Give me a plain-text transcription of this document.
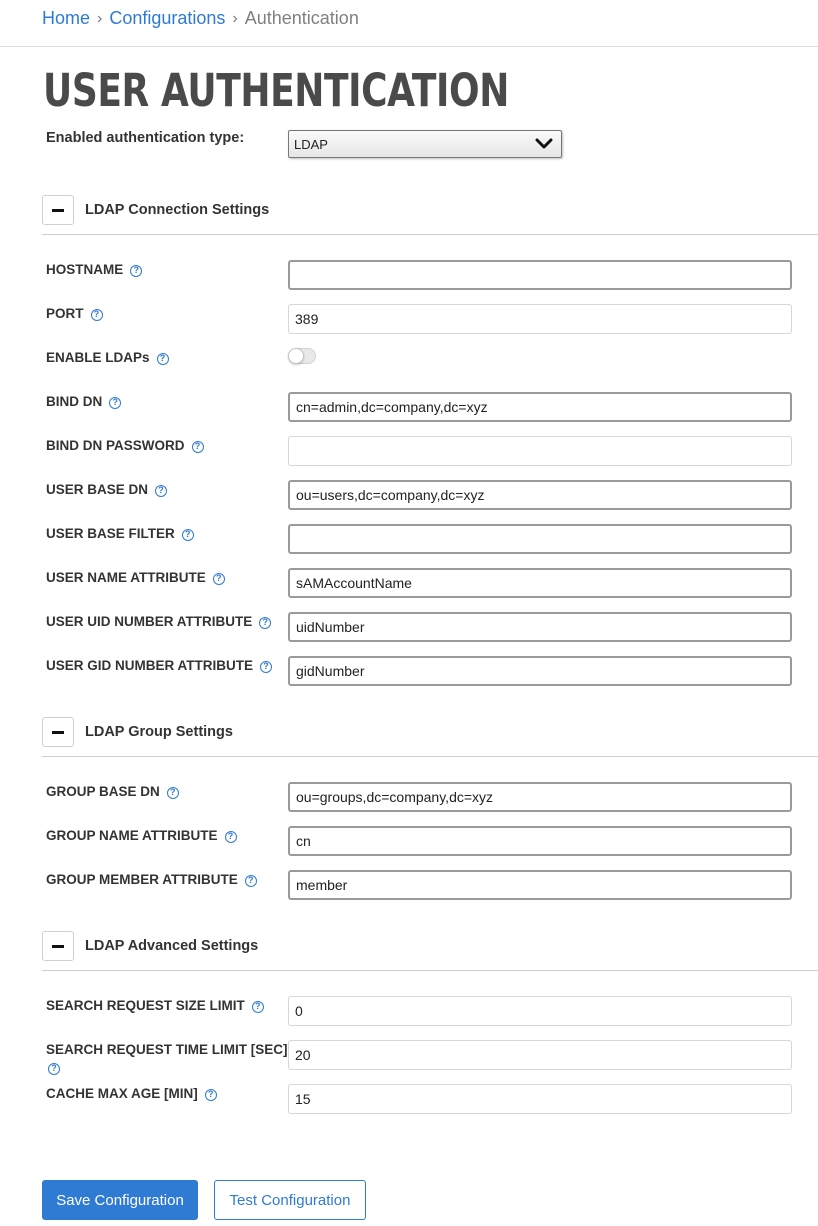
Home › Configurations › Authentication
USER AUTHENTICATION
Enabled authentication type:	LDAP
LDAP Connection Settings
HOSTNAME ?
PORT ?
389
ENABLE LDAPs ?
BIND DN ?
cn=admin,dc=company,dc=xyz
BIND DN PASSWORD ?
USER BASE DN ?
ou=users,dc=company,dc=xyz
USER BASE FILTER ?
USER NAME ATTRIBUTE ?
sAMAccountName
USER UID NUMBER ATTRIBUTE ?
uidNumber
USER GID NUMBER ATTRIBUTE ?
gidNumber
LDAP Group Settings
GROUP BASE DN ?
ou=groups,dc=company,dc=xyz
GROUP NAME ATTRIBUTE ?
cn
GROUP MEMBER ATTRIBUTE ?
member
LDAP Advanced Settings
SEARCH REQUEST SIZE LIMIT ?
0
SEARCH REQUEST TIME LIMIT [SEC]
?
20
CACHE MAX AGE [MIN] ?
15
Save Configuration	Test Configuration
